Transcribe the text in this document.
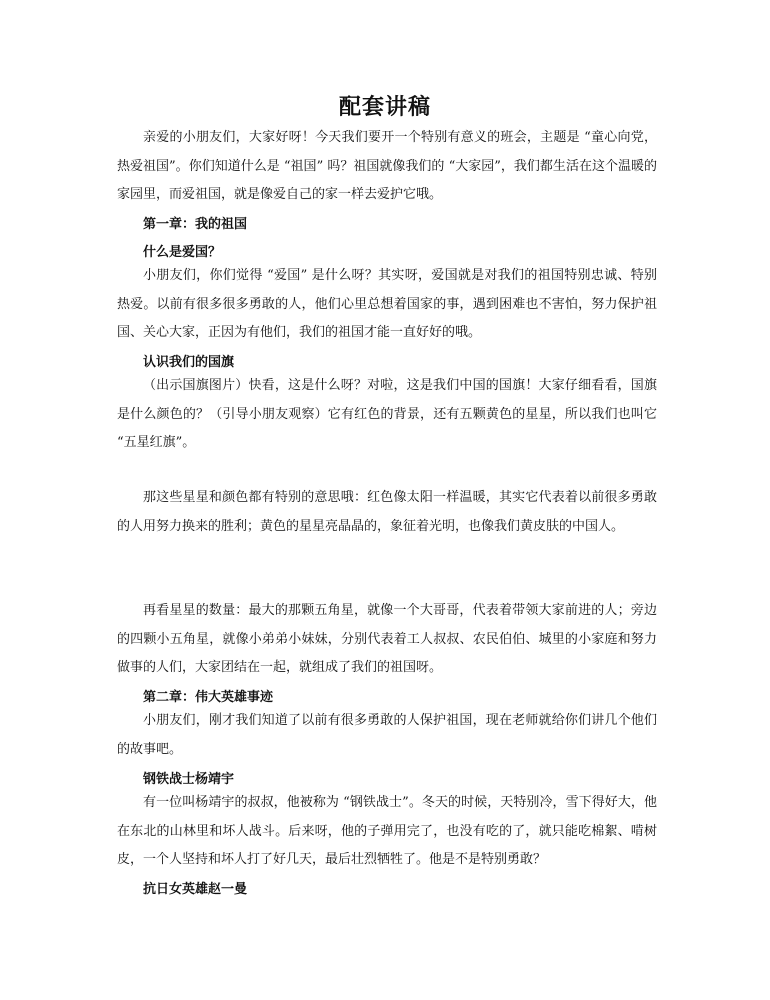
配套讲稿

亲爱的小朋友们，大家好呀！今天我们要开一个特别有意义的班会，主题是 “童心向党，热爱祖国”。你们知道什么是 “祖国” 吗？祖国就像我们的 “大家园”，我们都生活在这个温暖的家园里，而爱祖国，就是像爱自己的家一样去爱护它哦。

第一章：我的祖国
什么是爱国？

小朋友们，你们觉得 “爱国” 是什么呀？其实呀，爱国就是对我们的祖国特别忠诚、特别热爱。以前有很多很多勇敢的人，他们心里总想着国家的事，遇到困难也不害怕，努力保护祖国、关心大家，正因为有他们，我们的祖国才能一直好好的哦。

认识我们的国旗

（出示国旗图片）快看，这是什么呀？对啦，这是我们中国的国旗！大家仔细看看，国旗是什么颜色的？（引导小朋友观察）它有红色的背景，还有五颗黄色的星星，所以我们也叫它 “五星红旗”。

那这些星星和颜色都有特别的意思哦：红色像太阳一样温暖，其实它代表着以前很多勇敢的人用努力换来的胜利；黄色的星星亮晶晶的，象征着光明，也像我们黄皮肤的中国人。

再看星星的数量：最大的那颗五角星，就像一个大哥哥，代表着带领大家前进的人；旁边的四颗小五角星，就像小弟弟小妹妹，分别代表着工人叔叔、农民伯伯、城里的小家庭和努力做事的人们，大家团结在一起，就组成了我们的祖国呀。

第二章：伟大英雄事迹

小朋友们，刚才我们知道了以前有很多勇敢的人保护祖国，现在老师就给你们讲几个他们的故事吧。

钢铁战士杨靖宇

有一位叫杨靖宇的叔叔，他被称为 “钢铁战士”。冬天的时候，天特别冷，雪下得好大，他在东北的山林里和坏人战斗。后来呀，他的子弹用完了，也没有吃的了，就只能吃棉絮、啃树皮，一个人坚持和坏人打了好几天，最后壮烈牺牲了。他是不是特别勇敢？

抗日女英雄赵一曼
